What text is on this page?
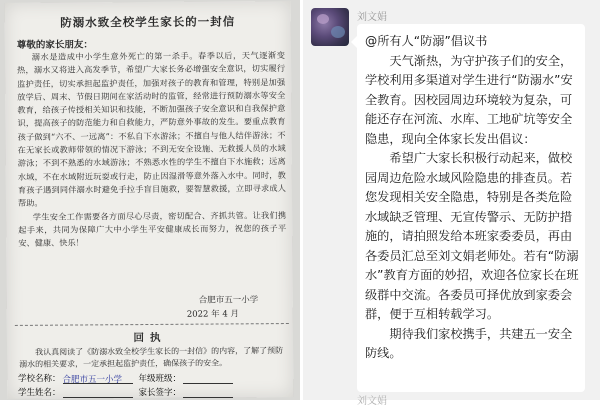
防溺水致全校学生家长的一封信
尊敬的家长朋友：

溺水是造成中小学生意外死亡的第一杀手。春季以后，天气逐渐变热，溺水又将进入高发季节，希望广大家长务必增强安全意识，切实履行监护责任，切实承担起监护责任，加强对孩子的教育和管理，特别是加强放学后、周末、节假日期间在家活动时的监管，经常进行预防溺水等安全教育，给孩子传授相关知识和技能，不断加强孩子安全意识和自我保护意识，提高孩子的防范能力和自救能力，严防意外事故的发生。要重点教育孩子做到“六不、一远离”：不私自下水游泳；不擅自与他人结伴游泳；不在无家长或教师带领的情况下游泳；不到无安全设施、无救援人员的水域游泳；不到不熟悉的水域游泳；不熟悉水性的学生不擅自下水施救；远离水域，不在水域附近玩耍或行走，防止因湿滑等意外落入水中。同时，教育孩子遇到同伴溺水时避免手拉手盲目施救，要智慧救援，立即寻求成人帮助。

学生安全工作需要各方面尽心尽责，密切配合、齐抓共管。让我们携起手来，共同为保障广大中小学生平安健康成长而努力，祝您的孩子平安、健康、快乐！

合肥市五一小学
2022 年 4 月
回执

我认真阅读了《防溺水致全校学生家长的一封信》的内容，了解了预防溺水的相关要求，一定承担起监护责任，确保孩子的安全。

学校名称： 合肥市五一小学 年级班级：
学生姓名：	家长签字：
刘文娟

@所有人“防溺”倡议书

天气渐热，为守护孩子们的安全，学校利用多渠道对学生进行“防溺水”安全教育。因校园周边环境较为复杂，可能还存在河流、水库、工地矿坑等安全隐患，现向全体家长发出倡议：

希望广大家长积极行动起来，做校园周边危险水域风险隐患的排查员。若您发现相关安全隐患，特别是各类危险水域缺乏管理、无宣传警示、无防护措施的，请拍照发给本班家委委员，再由各委员汇总至刘文娟老师处。若有“防溺水”教育方面的妙招，欢迎各位家长在班级群中交流。各委员可择优放到家委会群，便于互相转载学习。

期待我们家校携手，共建五一安全防线。

刘文娟
